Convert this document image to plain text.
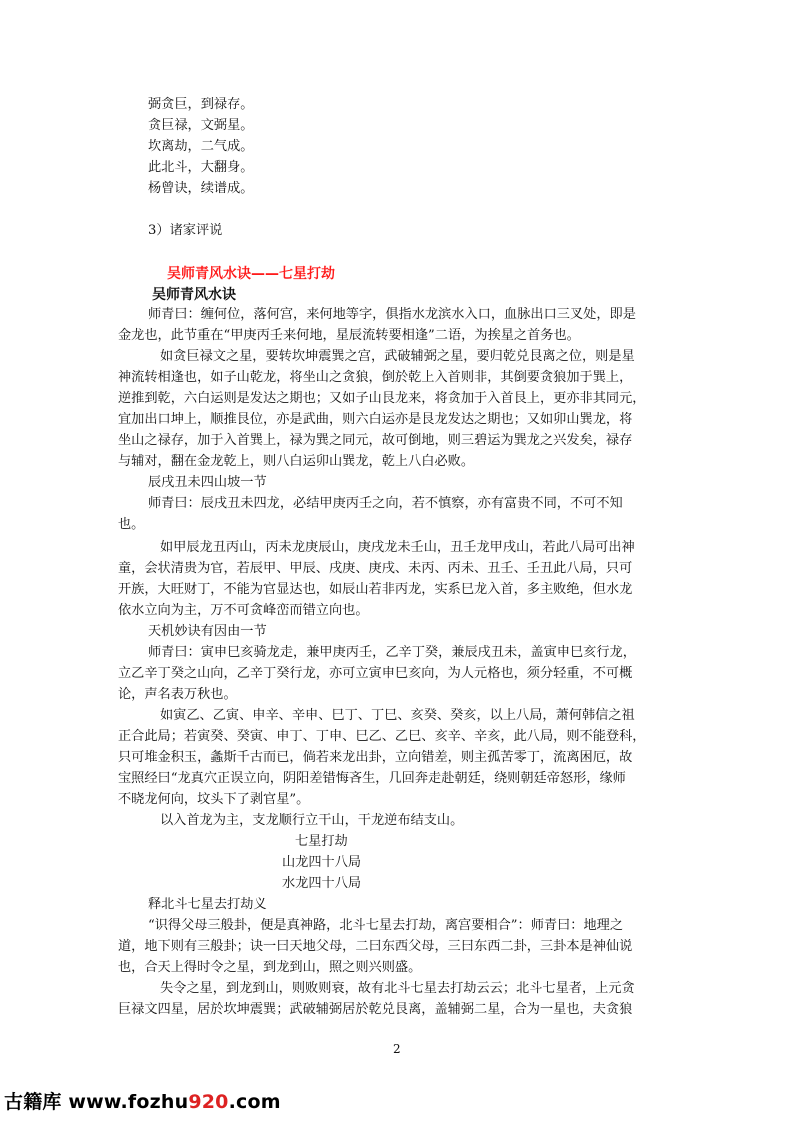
弼贪巨，到禄存。
贪巨禄，文弼星。
坎离劫，二气成。
此北斗，大翻身。
杨曾诀，续谱成。
3）诸家评说
吴师青风水诀——七星打劫
吴师青风水诀
师青曰：缠何位，落何宫，来何地等字，俱指水龙滨水入口，血脉出口三叉处，即是
金龙也，此节重在“甲庚丙壬来何地，星辰流转要相逢”二语，为挨星之首务也。
如贪巨禄文之星，要转坎坤震巽之宫，武破辅弼之星，要归乾兑艮离之位，则是星
神流转相逢也，如子山乾龙，将坐山之贪狼，倒於乾上入首则非，其倒要贪狼加于巽上，
逆推到乾，六白运则是发达之期也；又如子山艮龙来，将贪加于入首艮上，更亦非其同元，
宜加出口坤上，顺推艮位，亦是武曲，则六白运亦是艮龙发达之期也；又如卯山巽龙，将
坐山之禄存，加于入首巽上，禄为巽之同元，故可倒地，则三碧运为巽龙之兴发矣，禄存
与辅对，翻在金龙乾上，则八白运卯山巽龙，乾上八白必败。
辰戌丑未四山坡一节
师青曰：辰戌丑未四龙，必结甲庚丙壬之向，若不慎察，亦有富贵不同，不可不知
也。
如甲辰龙丑丙山，丙未龙庚辰山，庚戌龙未壬山，丑壬龙甲戌山，若此八局可出神
童，会状清贵为官，若辰甲、甲辰、戌庚、庚戌、未丙、丙未、丑壬、壬丑此八局，只可
开族，大旺财丁，不能为官显达也，如辰山若非丙龙，实系巳龙入首，多主败绝，但水龙
依水立向为主，万不可贪峰峦而错立向也。
天机妙诀有因由一节
师青曰：寅申巳亥骑龙走，兼甲庚丙壬，乙辛丁癸，兼辰戌丑未，盖寅申巳亥行龙，
立乙辛丁癸之山向，乙辛丁癸行龙，亦可立寅申巳亥向，为人元格也，须分轻重，不可概
论，声名表万秋也。
如寅乙、乙寅、申辛、辛申、巳丁、丁巳、亥癸、癸亥，以上八局，萧何韩信之祖
正合此局；若寅癸、癸寅、申丁、丁申、巳乙、乙巳、亥辛、辛亥，此八局，则不能登科，
只可堆金积玉，螽斯千古而已，倘若来龙出卦，立向错差，则主孤苦零丁，流离困厄，故
宝照经曰“龙真穴正误立向，阴阳差错悔吝生，几回奔走赴朝廷，绕则朝廷帝怒形，缘师
不晓龙何向，坟头下了剥官星”。
以入首龙为主，支龙顺行立干山，干龙逆布结支山。
七星打劫
山龙四十八局
水龙四十八局
释北斗七星去打劫义
“识得父母三般卦，便是真神路，北斗七星去打劫，离宫要相合”：师青曰：地理之
道，地下则有三般卦；诀一曰天地父母，二曰东西父母，三曰东西二卦，三卦本是神仙说
也，合天上得时令之星，到龙到山，照之则兴则盛。
失令之星，到龙到山，则败则衰，故有北斗七星去打劫云云；北斗七星者，上元贪
巨禄文四星，居於坎坤震巽；武破辅弼居於乾兑艮离，盖辅弼二星，合为一星也，夫贪狼
2
古籍库 www.fozhu920.com
